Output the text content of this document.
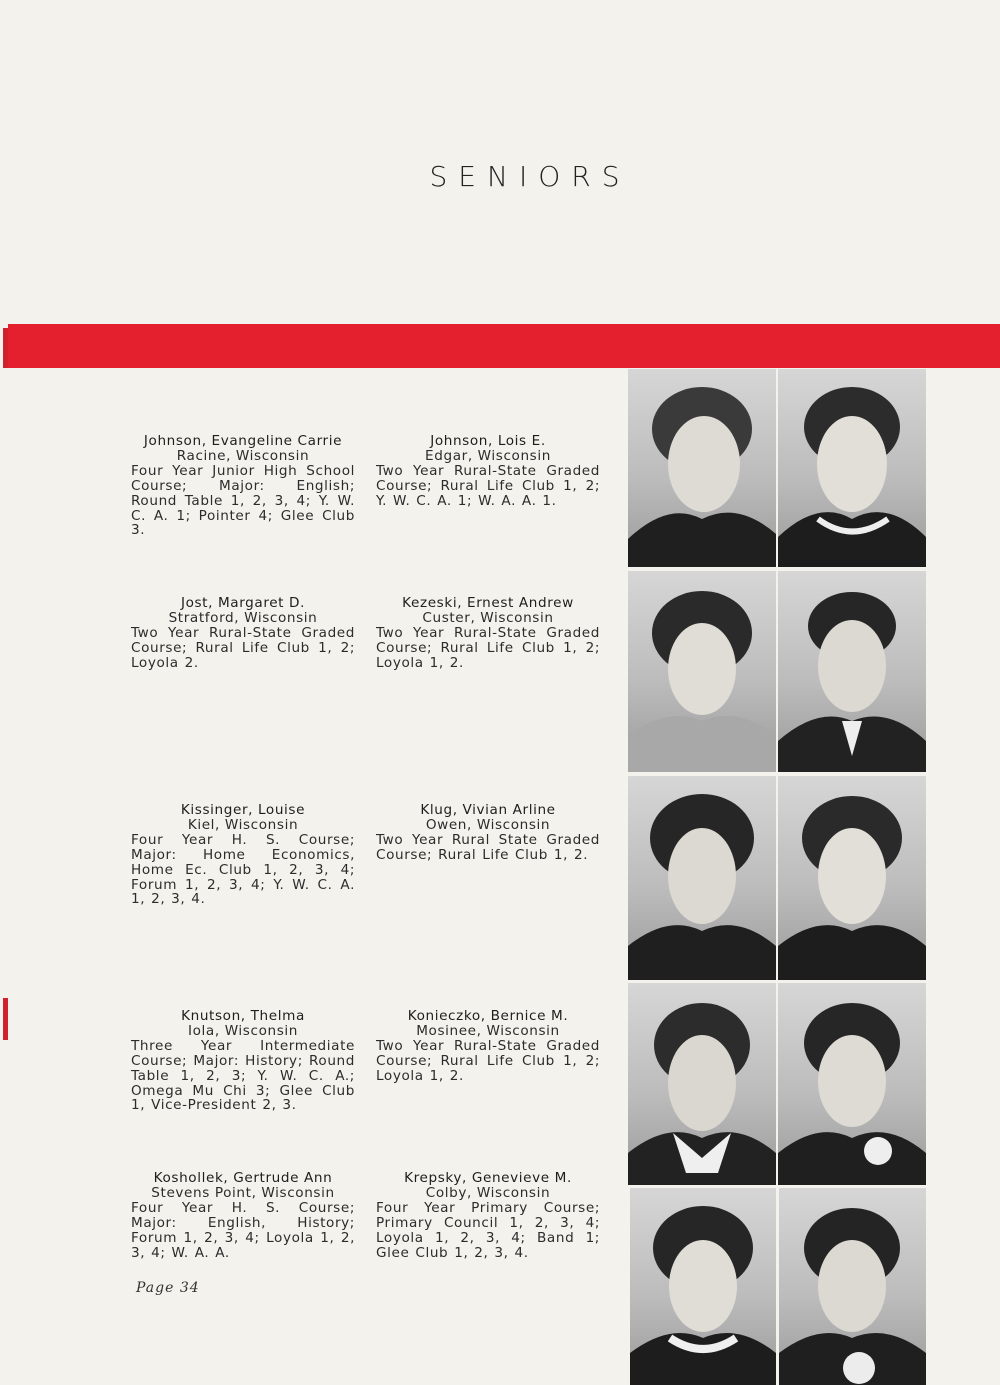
SENIORS
Johnson, Evangeline Carrie
Racine, Wisconsin
Four Year Junior High School Course; Major: English; Round Table 1, 2, 3, 4; Y. W. C. A. 1; Pointer 4; Glee Club 3.
Johnson, Lois E.
Edgar, Wisconsin
Two Year Rural-State Graded Course; Rural Life Club 1, 2; Y. W. C. A. 1; W. A. A. 1.
Jost, Margaret D.
Stratford, Wisconsin
Two Year Rural-State Graded Course; Rural Life Club 1, 2; Loyola 2.
Kezeski, Ernest Andrew
Custer, Wisconsin
Two Year Rural-State Graded Course; Rural Life Club 1, 2; Loyola 1, 2.
Kissinger, Louise
Kiel, Wisconsin
Four Year H. S. Course; Major: Home Economics, Home Ec. Club 1, 2, 3, 4; Forum 1, 2, 3, 4; Y. W. C. A. 1, 2, 3, 4.
Klug, Vivian Arline
Owen, Wisconsin
Two Year Rural State Graded Course; Rural Life Club 1, 2.
Knutson, Thelma
Iola, Wisconsin
Three Year Intermediate Course; Major: History; Round Table 1, 2, 3; Y. W. C. A.; Omega Mu Chi 3; Glee Club 1, Vice-President 2, 3.
Konieczko, Bernice M.
Mosinee, Wisconsin
Two Year Rural-State Graded Course; Rural Life Club 1, 2; Loyola 1, 2.
Koshollek, Gertrude Ann
Stevens Point, Wisconsin
Four Year H. S. Course; Major: English, History; Forum 1, 2, 3, 4; Loyola 1, 2, 3, 4; W. A. A.
Krepsky, Genevieve M.
Colby, Wisconsin
Four Year Primary Course; Primary Council 1, 2, 3, 4; Loyola 1, 2, 3, 4; Band 1; Glee Club 1, 2, 3, 4.
Page 34
